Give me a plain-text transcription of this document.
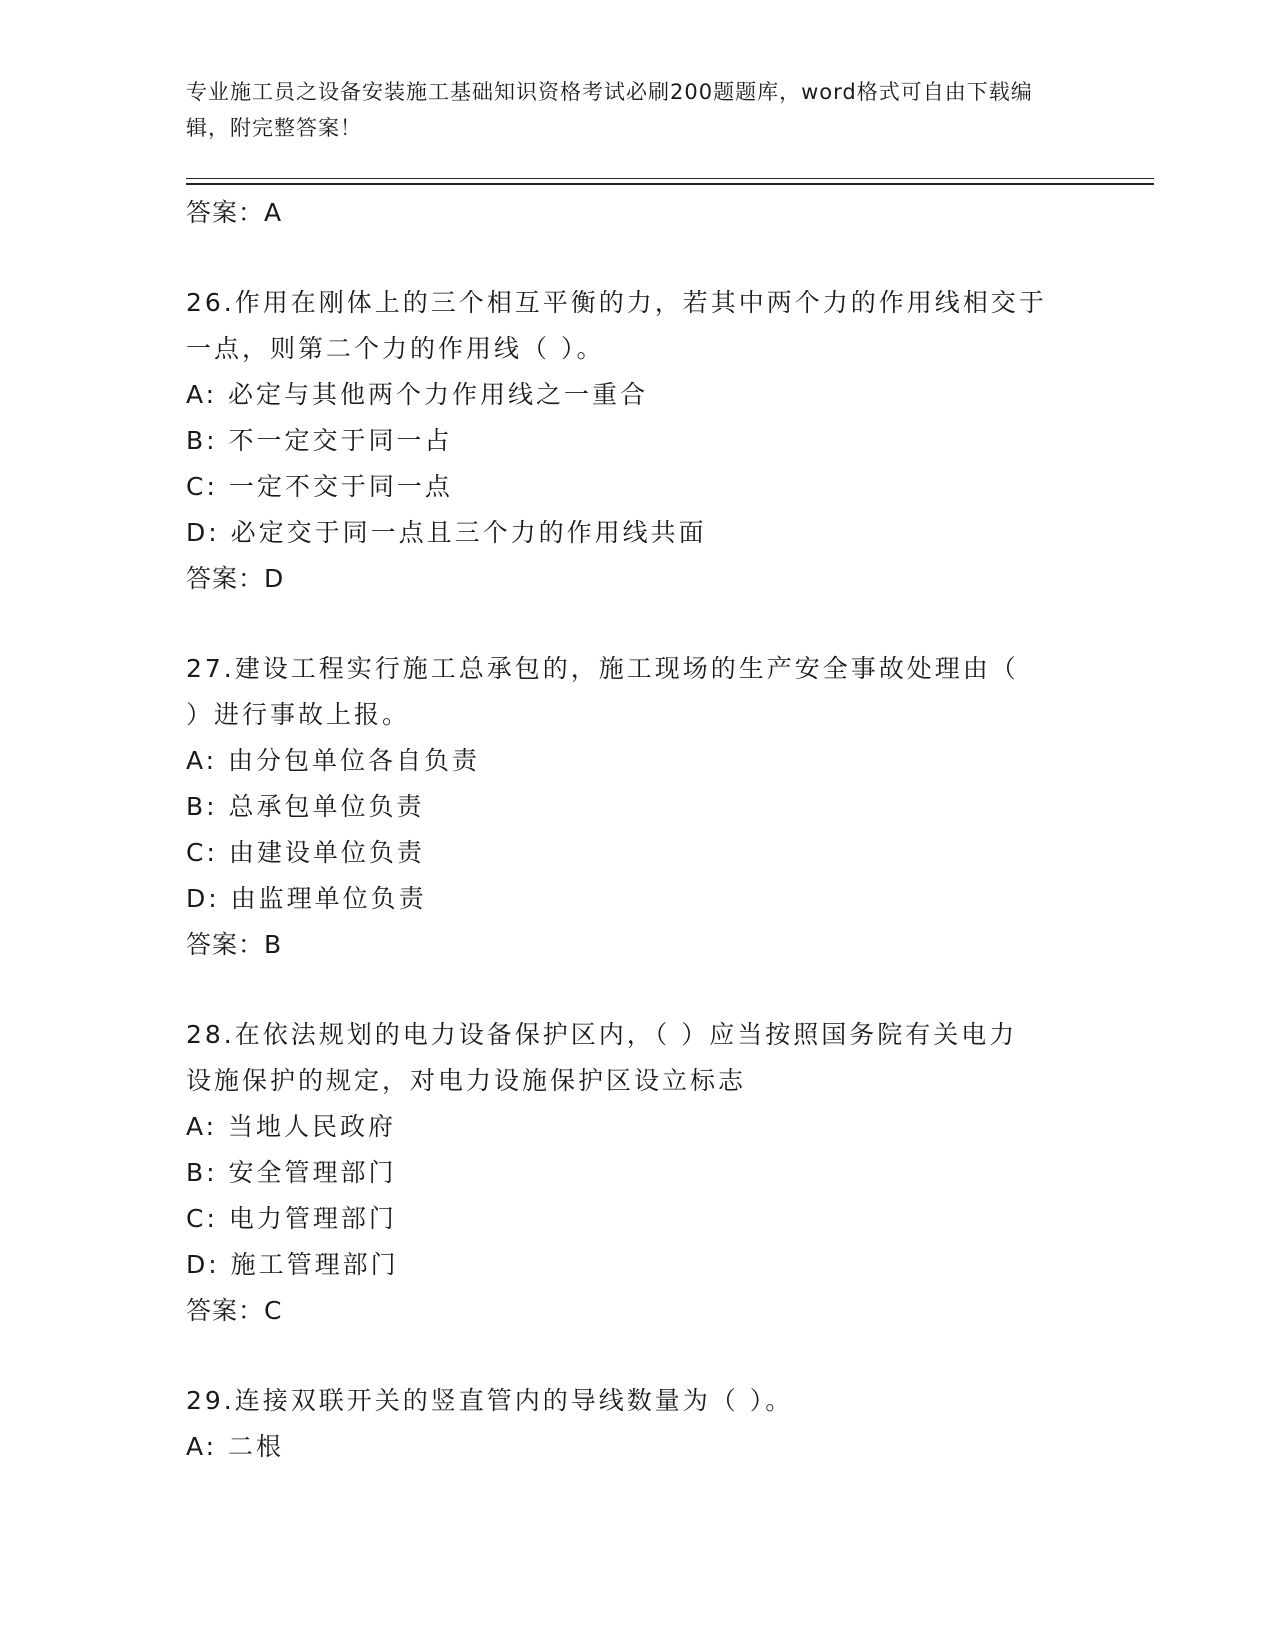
专业施工员之设备安装施工基础知识资格考试必刷200题题库，word格式可自由下载编辑，附完整答案！
答案：A
26.作用在刚体上的三个相互平衡的力，若其中两个力的作用线相交于
一点，则第二个力的作用线（ ）。
A: 必定与其他两个力作用线之一重合
B: 不一定交于同一占
C: 一定不交于同一点
D: 必定交于同一点且三个力的作用线共面
答案：D
27.建设工程实行施工总承包的，施工现场的生产安全事故处理由（
）进行事故上报。
A: 由分包单位各自负责
B: 总承包单位负责
C: 由建设单位负责
D: 由监理单位负责
答案：B
28.在依法规划的电力设备保护区内，（ ）应当按照国务院有关电力
设施保护的规定，对电力设施保护区设立标志
A: 当地人民政府
B: 安全管理部门
C: 电力管理部门
D: 施工管理部门
答案：C
29.连接双联开关的竖直管内的导线数量为（ ）。
A: 二根
